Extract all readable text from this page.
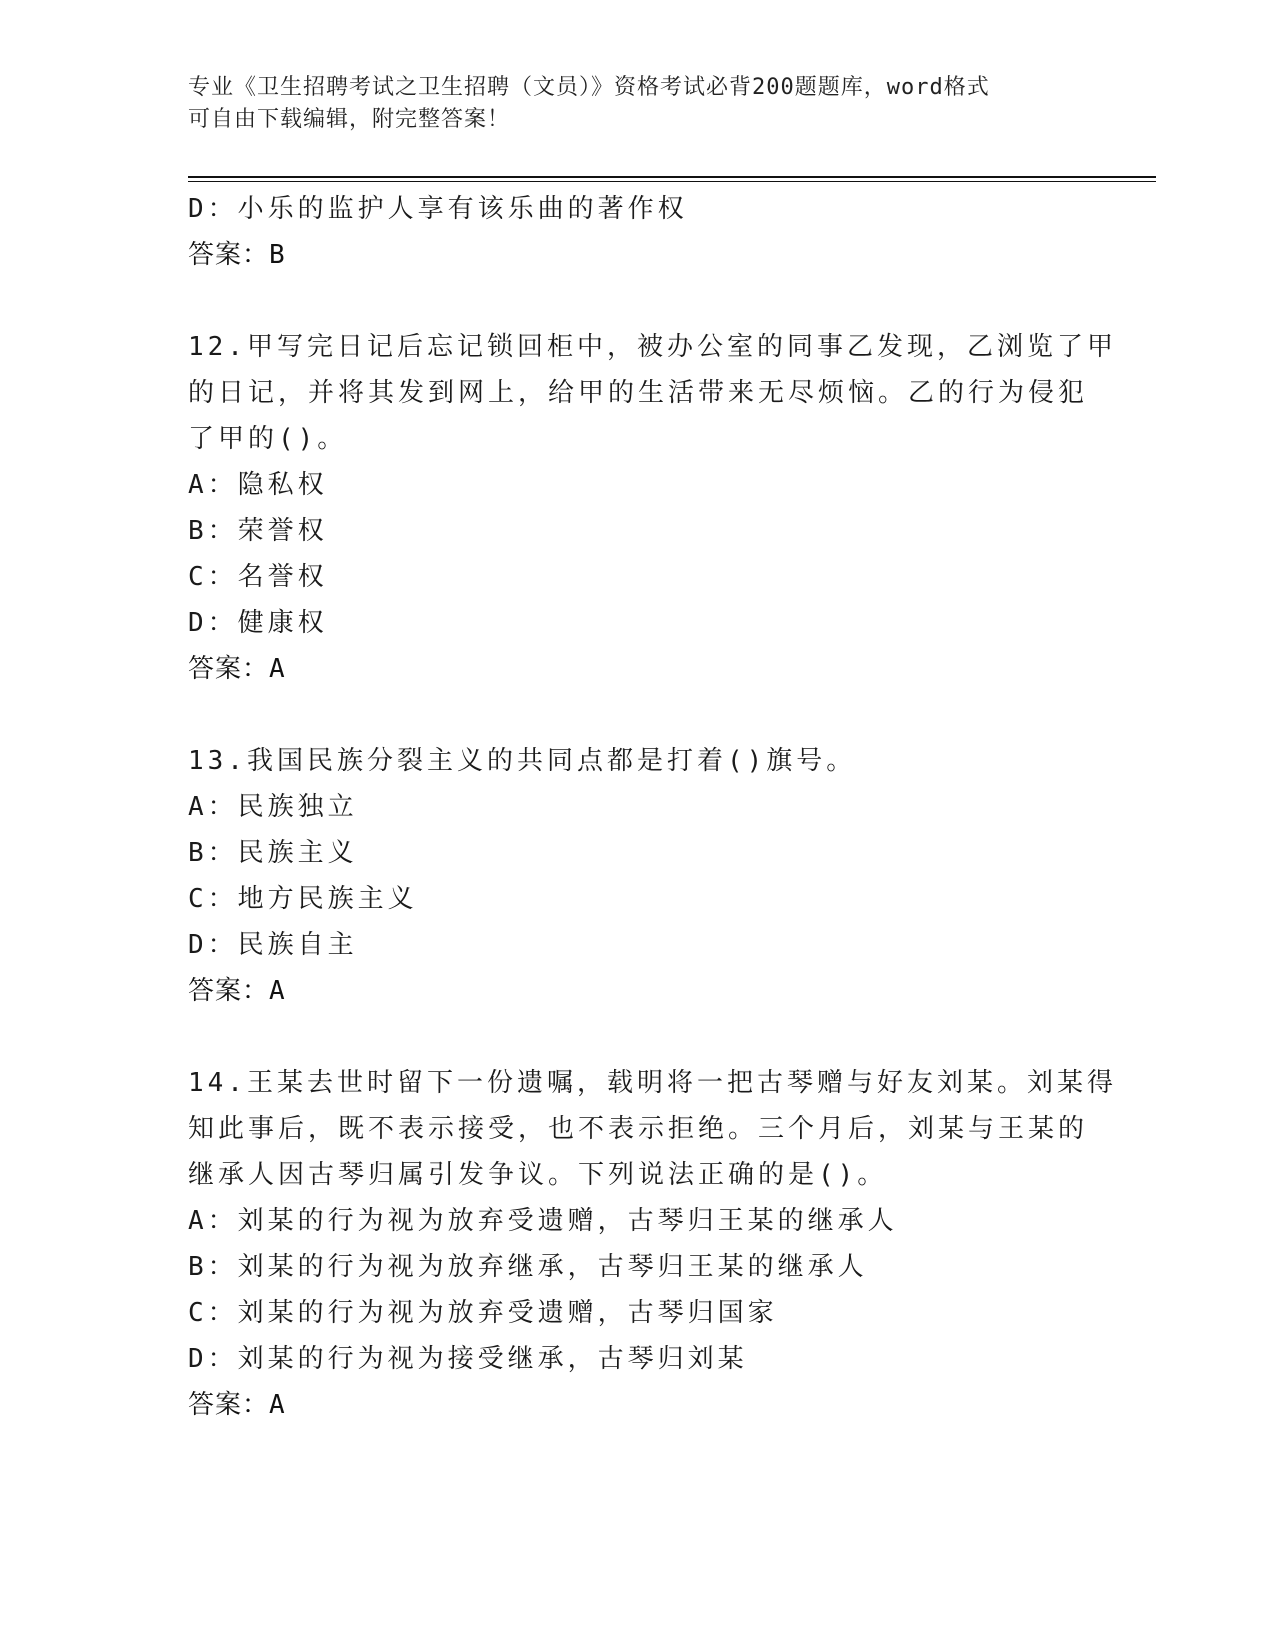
专业《卫生招聘考试之卫生招聘（文员）》资格考试必背200题题库，word格式
可自由下载编辑，附完整答案！
D：小乐的监护人享有该乐曲的著作权
答案：B
12.甲写完日记后忘记锁回柜中，被办公室的同事乙发现，乙浏览了甲
的日记，并将其发到网上，给甲的生活带来无尽烦恼。乙的行为侵犯
了甲的()。
A：隐私权
B：荣誉权
C：名誉权
D：健康权
答案：A
13.我国民族分裂主义的共同点都是打着()旗号。
A：民族独立
B：民族主义
C：地方民族主义
D：民族自主
答案：A
14.王某去世时留下一份遗嘱，载明将一把古琴赠与好友刘某。刘某得
知此事后，既不表示接受，也不表示拒绝。三个月后，刘某与王某的
继承人因古琴归属引发争议。下列说法正确的是()。
A：刘某的行为视为放弃受遗赠，古琴归王某的继承人
B：刘某的行为视为放弃继承，古琴归王某的继承人
C：刘某的行为视为放弃受遗赠，古琴归国家
D：刘某的行为视为接受继承，古琴归刘某
答案：A
